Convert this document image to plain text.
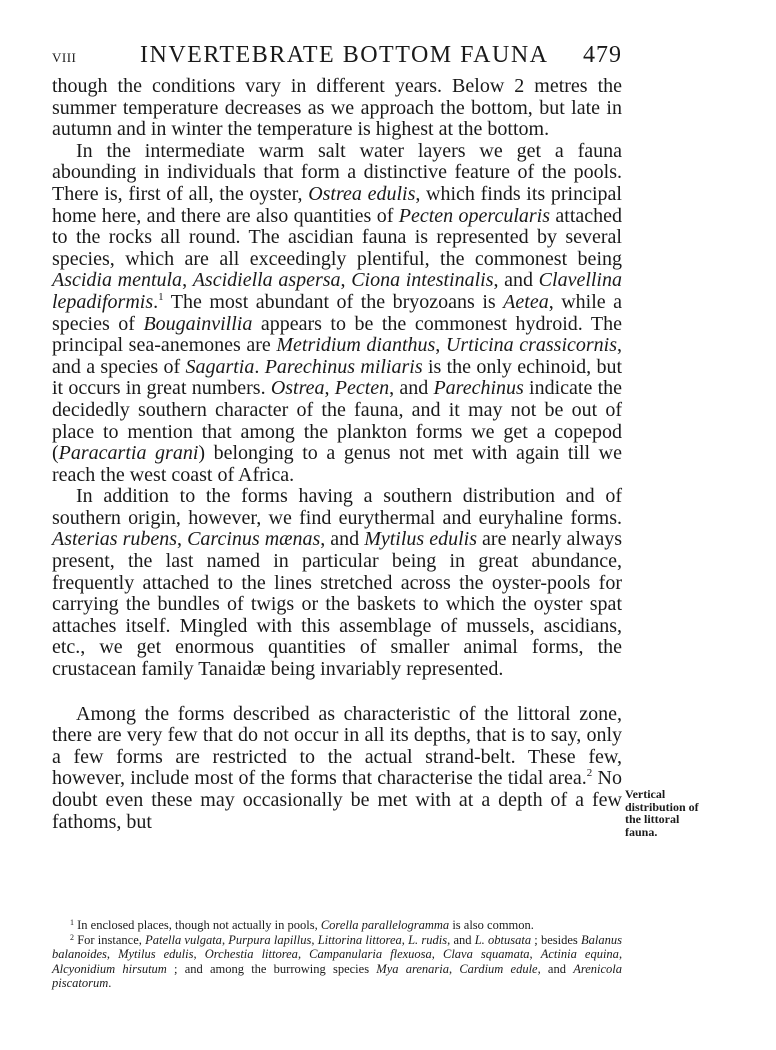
VIII	INVERTEBRATE BOTTOM FAUNA 479

though the conditions vary in different years. Below 2 metres the summer temperature decreases as we approach the bottom, but late in autumn and in winter the temperature is highest at the bottom.

In the intermediate warm salt water layers we get a fauna abounding in individuals that form a distinctive feature of the pools. There is, first of all, the oyster, Ostrea edulis, which finds its principal home here, and there are also quantities of Pecten opercularis attached to the rocks all round. The ascidian fauna is represented by several species, which are all exceedingly plentiful, the commonest being Ascidia mentula, Ascidiella aspersa, Ciona intestinalis, and Clavellina lepadiformis.$^1$ The most abundant of the bryozoans is Aetea, while a species of Bougainvillia appears to be the commonest hydroid. The principal sea-anemones are Metridium dianthus, Urticina crassicornis, and a species of Sagartia. Parechinus miliaris is the only echinoid, but it occurs in great numbers. Ostrea, Pecten, and Parechinus indicate the decidedly southern character of the fauna, and it may not be out of place to mention that among the plankton forms we get a copepod (Paracartia grani) belonging to a genus not met with again till we reach the west coast of Africa.

In addition to the forms having a southern distribution and of southern origin, however, we find eurythermal and euryhaline forms. Asterias rubens, Carcinus mænas, and Mytilus edulis are nearly always present, the last named in particular being in great abundance, frequently attached to the lines stretched across the oyster-pools for carrying the bundles of twigs or the baskets to which the oyster spat attaches itself. Mingled with this assemblage of mussels, ascidians, etc., we get enormous quantities of smaller animal forms, the crustacean family Tanaidæ being invariably represented.

Among the forms described as characteristic of the littoral zone, there are very few that do not occur in all its depths, that is to say, only a few forms are restricted to the actual strand-belt. These few, however, include most of the forms that characterise the tidal area.$^2$ No doubt even these may occasionally be met with at a depth of a few fathoms, but

Vertical
distribution of
the littoral
fauna.

$^1$ In enclosed places, though not actually in pools, Corella parallelogramma is also common.

$^2$ For instance, Patella vulgata, Purpura lapillus, Littorina littorea, L. rudis, and L. obtusata ; besides Balanus balanoides, Mytilus edulis, Orchestia littorea, Campanularia flexuosa, Clava squamata, Actinia equina, Alcyonidium hirsutum ; and among the burrowing species Mya arenaria, Cardium edule, and Arenicola piscatorum.
